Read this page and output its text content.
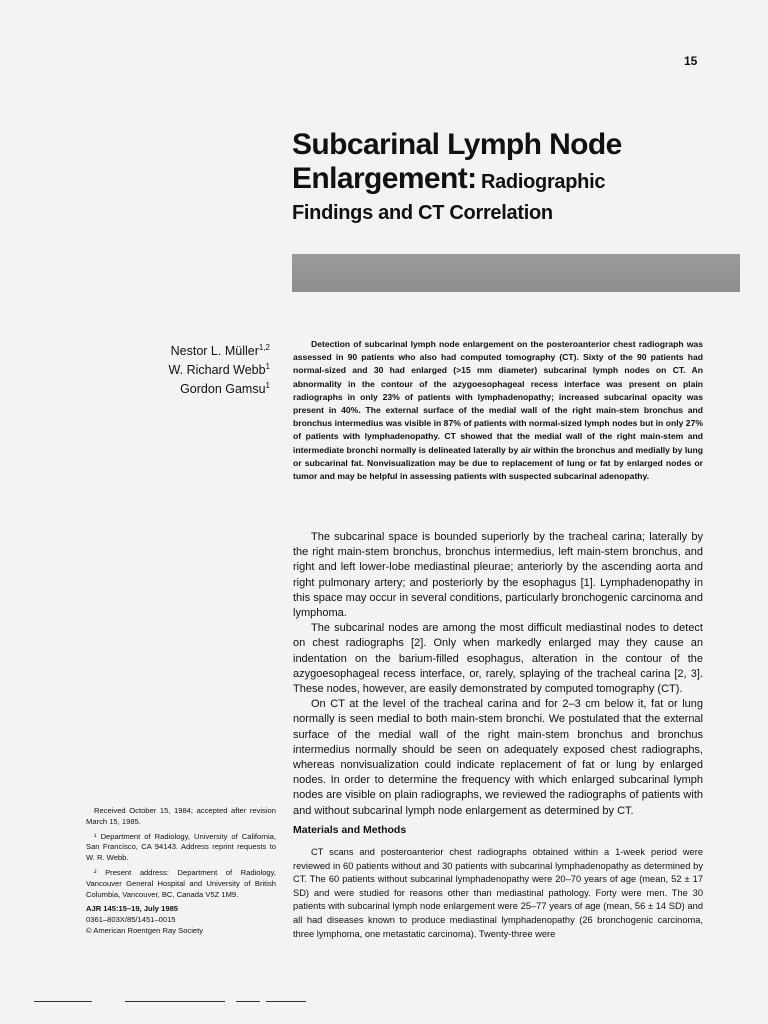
15
Subcarinal Lymph Node
Enlargement: Radiographic
Findings and CT Correlation
Nestor L. Müller$^{1,2}$
W. Richard Webb$^1$
Gordon Gamsu$^1$
Detection of subcarinal lymph node enlargement on the posteroanterior chest radiograph was assessed in 90 patients who also had computed tomography (CT). Sixty of the 90 patients had normal-sized and 30 had enlarged (>15 mm diameter) subcarinal lymph nodes on CT. An abnormality in the contour of the azygoesophageal recess interface was present on plain radiographs in only 23% of patients with lymphadenopathy; increased subcarinal opacity was present in 40%. The external surface of the medial wall of the right main-stem bronchus and bronchus intermedius was visible in 87% of patients with normal-sized lymph nodes but in only 27% of patients with lymphadenopathy. CT showed that the medial wall of the right main-stem and intermediate bronchi normally is delineated laterally by air within the bronchus and medially by lung or subcarinal fat. Nonvisualization may be due to replacement of lung or fat by enlarged nodes or tumor and may be helpful in assessing patients with suspected subcarinal adenopathy.

The subcarinal space is bounded superiorly by the tracheal carina; laterally by the right main-stem bronchus, bronchus intermedius, left main-stem bronchus, and right and left lower-lobe mediastinal pleurae; anteriorly by the ascending aorta and right pulmonary artery; and posteriorly by the esophagus [1]. Lymphadenopathy in this space may occur in several conditions, particularly bronchogenic carcinoma and lymphoma.

The subcarinal nodes are among the most difficult mediastinal nodes to detect on chest radiographs [2]. Only when markedly enlarged may they cause an indentation on the barium-filled esophagus, alteration in the contour of the azygoesophageal recess interface, or, rarely, splaying of the tracheal carina [2, 3]. These nodes, however, are easily demonstrated by computed tomography (CT).

On CT at the level of the tracheal carina and for 2–3 cm below it, fat or lung normally is seen medial to both main-stem bronchi. We postulated that the external surface of the medial wall of the right main-stem bronchus and bronchus intermedius normally should be seen on adequately exposed chest radiographs, whereas nonvisualization could indicate replacement of fat or lung by enlarged nodes. In order to determine the frequency with which enlarged subcarinal lymph nodes are visible on plain radiographs, we reviewed the radiographs of patients with and without subcarinal lymph node enlargement as determined by CT.

Materials and Methods
CT scans and posteroanterior chest radiographs obtained within a 1-week period were reviewed in 60 patients without and 30 patients with subcarinal lymphadenopathy as determined by CT. The 60 patients without subcarinal lymphadenopathy were 20–70 years of age (mean, 52 ± 17 SD) and were studied for reasons other than mediastinal pathology. Forty were men. The 30 patients with subcarinal lymph node enlargement were 25–77 years of age (mean, 56 ± 14 SD) and all had diseases known to produce mediastinal lymphadenopathy (26 bronchogenic carcinoma, three lymphoma, one metastatic carcinoma). Twenty-three were

Received October 15, 1984; accepted after revision March 15, 1985.

¹ Department of Radiology, University of California, San Francisco, CA 94143. Address reprint requests to W. R. Webb.

² Present address: Department of Radiology, Vancouver General Hospital and University of British Columbia, Vancouver, BC, Canada V5Z 1M9.

AJR 145:15–19, July 1985
0361–803X/85/1451–0015
© American Roentgen Ray Society
